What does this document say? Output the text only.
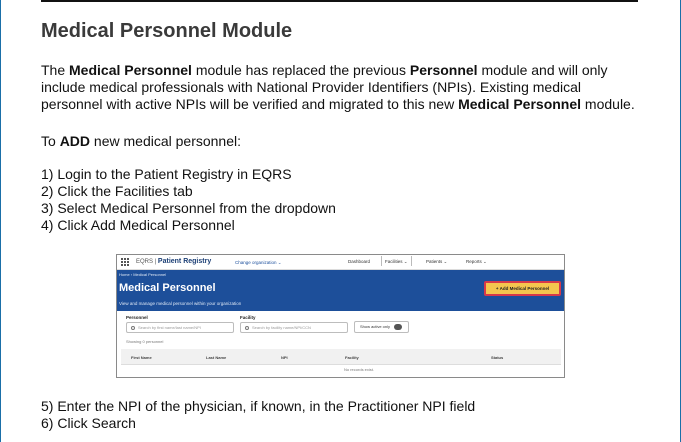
Medical Personnel Module

The Medical Personnel module has replaced the previous Personnel module and will only include medical professionals with National Provider Identifiers (NPIs). Existing medical personnel with active NPIs will be verified and migrated to this new Medical Personnel module.

To ADD new medical personnel:

1) Login to the Patient Registry in EQRS
2) Click the Facilities tab
3) Select Medical Personnel from the dropdown
4) Click Add Medical Personnel
EQRS | Patient Registry	Change organization ⌄	Dashboard	Facilities ⌄	Patients ⌄	Reports ⌄
Home › Medical Personnel
Medical Personnel
View and manage medical personnel within your organization
+ Add Medical Personnel
Personnel
Search by first name/last name/NPI
Facility
Search by facility name/NPI/CCN	Show active only
Showing 0 personnel
First Name	Last Name	NPI	Facility	Status
No records exist.
5) Enter the NPI of the physician, if known, in the Practitioner NPI field
6) Click Search
